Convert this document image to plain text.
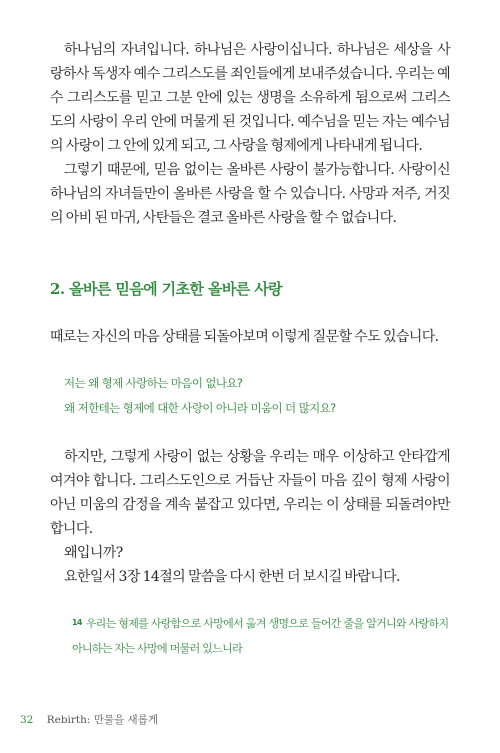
하나님의 자녀입니다. 하나님은 사랑이십니다. 하나님은 세상을 사랑하사 독생자 예수 그리스도를 죄인들에게 보내주셨습니다. 우리는 예수 그리스도를 믿고 그분 안에 있는 생명을 소유하게 됨으로써 그리스도의 사랑이 우리 안에 머물게 된 것입니다. 예수님을 믿는 자는 예수님의 사랑이 그 안에 있게 되고, 그 사랑을 형제에게 나타내게 됩니다.

그렇기 때문에, 믿음 없이는 올바른 사랑이 불가능합니다. 사랑이신 하나님의 자녀들만이 올바른 사랑을 할 수 있습니다. 사망과 저주, 거짓의 아비 된 마귀, 사탄들은 결코 올바른 사랑을 할 수 없습니다.

2. 올바른 믿음에 기초한 올바른 사랑

때로는 자신의 마음 상태를 되돌아보며 이렇게 질문할 수도 있습니다.

저는 왜 형제 사랑하는 마음이 없나요?
왜 저한테는 형제에 대한 사랑이 아니라 미움이 더 많지요?

하지만, 그렇게 사랑이 없는 상황을 우리는 매우 이상하고 안타깝게 여겨야 합니다. 그리스도인으로 거듭난 자들이 마음 깊이 형제 사랑이 아닌 미움의 감정을 계속 붙잡고 있다면, 우리는 이 상태를 되돌려야만 합니다.

왜입니까?

요한일서 3장 14절의 말씀을 다시 한번 더 보시길 바랍니다.

$^{14}$ 우리는 형제를 사랑함으로 사망에서 옮겨 생명으로 들어간 줄을 알거니와 사랑하지 아니하는 자는 사망에 머물러 있느니라
32 Rebirth: 만물을 새롭게
